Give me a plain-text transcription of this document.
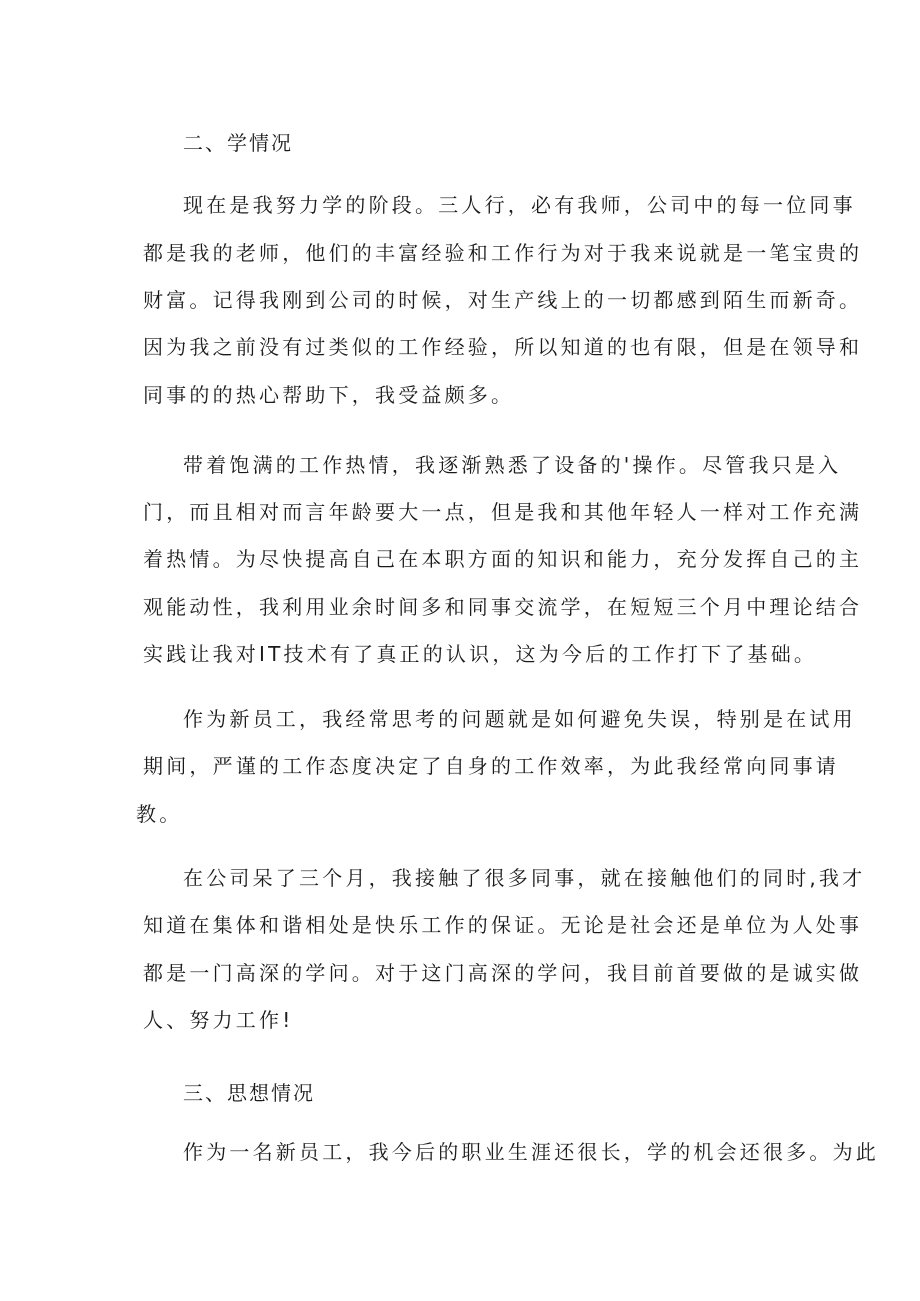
二、学情况
现在是我努力学的阶段。三人行，必有我师，公司中的每一位同事
都是我的老师，他们的丰富经验和工作行为对于我来说就是一笔宝贵的
财富。记得我刚到公司的时候，对生产线上的一切都感到陌生而新奇。
因为我之前没有过类似的工作经验，所以知道的也有限，但是在领导和
同事的的热心帮助下，我受益颇多。
带着饱满的工作热情，我逐渐熟悉了设备的'操作。尽管我只是入
门，而且相对而言年龄要大一点，但是我和其他年轻人一样对工作充满
着热情。为尽快提高自己在本职方面的知识和能力，充分发挥自己的主
观能动性，我利用业余时间多和同事交流学，在短短三个月中理论结合
实践让我对IT技术有了真正的认识，这为今后的工作打下了基础。
作为新员工，我经常思考的问题就是如何避免失误，特别是在试用
期间，严谨的工作态度决定了自身的工作效率，为此我经常向同事请
教。
在公司呆了三个月，我接触了很多同事，就在接触他们的同时,我才
知道在集体和谐相处是快乐工作的保证。无论是社会还是单位为人处事
都是一门高深的学问。对于这门高深的学问，我目前首要做的是诚实做
人、努力工作!
三、思想情况
作为一名新员工，我今后的职业生涯还很长，学的机会还很多。为此
